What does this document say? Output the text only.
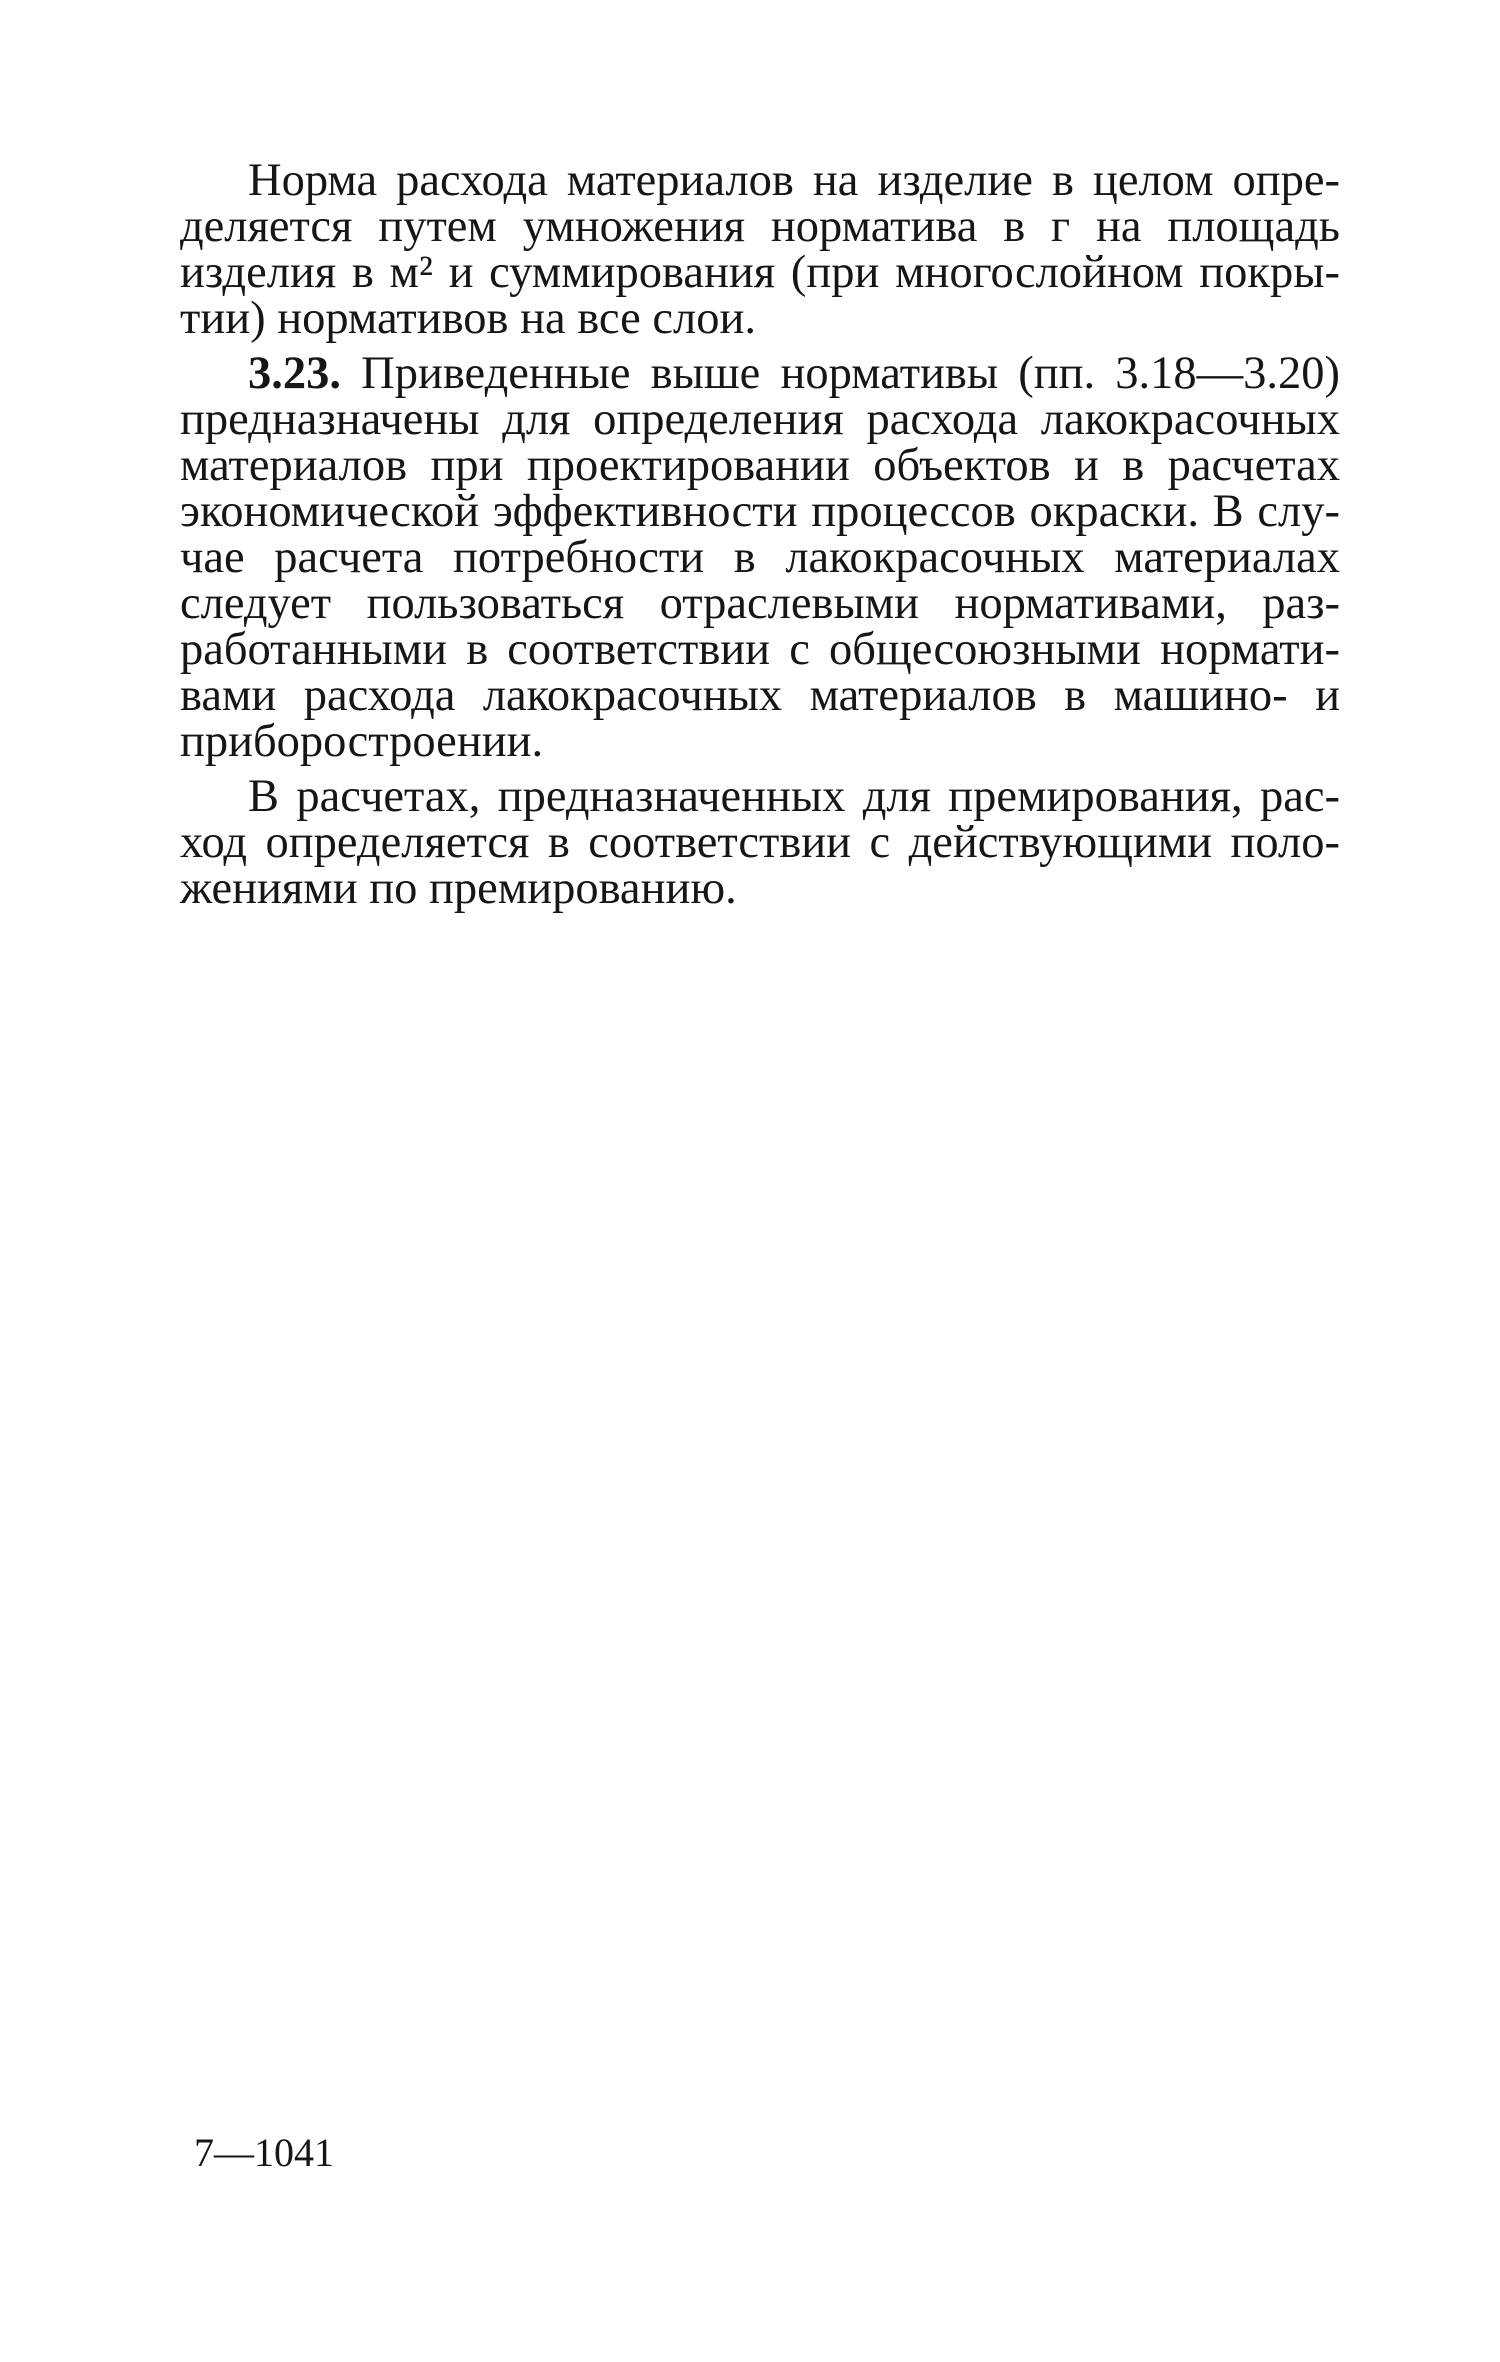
Норма расхода материалов на изделие в целом опре-
деляется путем умножения норматива в г на площадь
изделия в м² и суммирования (при многослойном покры-
тии) нормативов на все слои.
3.23. Приведенные выше нормативы (пп. 3.18—3.20)
предназначены для определения расхода лакокрасочных
материалов при проектировании объектов и в расчетах
экономической эффективности процессов окраски. В слу-
чае расчета потребности в лакокрасочных материалах
следует пользоваться отраслевыми нормативами, раз-
работанными в соответствии с общесоюзными нормати-
вами расхода лакокрасочных материалов в машино- и
приборостроении.
В расчетах, предназначенных для премирования, рас-
ход определяется в соответствии с действующими поло-
жениями по премированию.
7—1041
